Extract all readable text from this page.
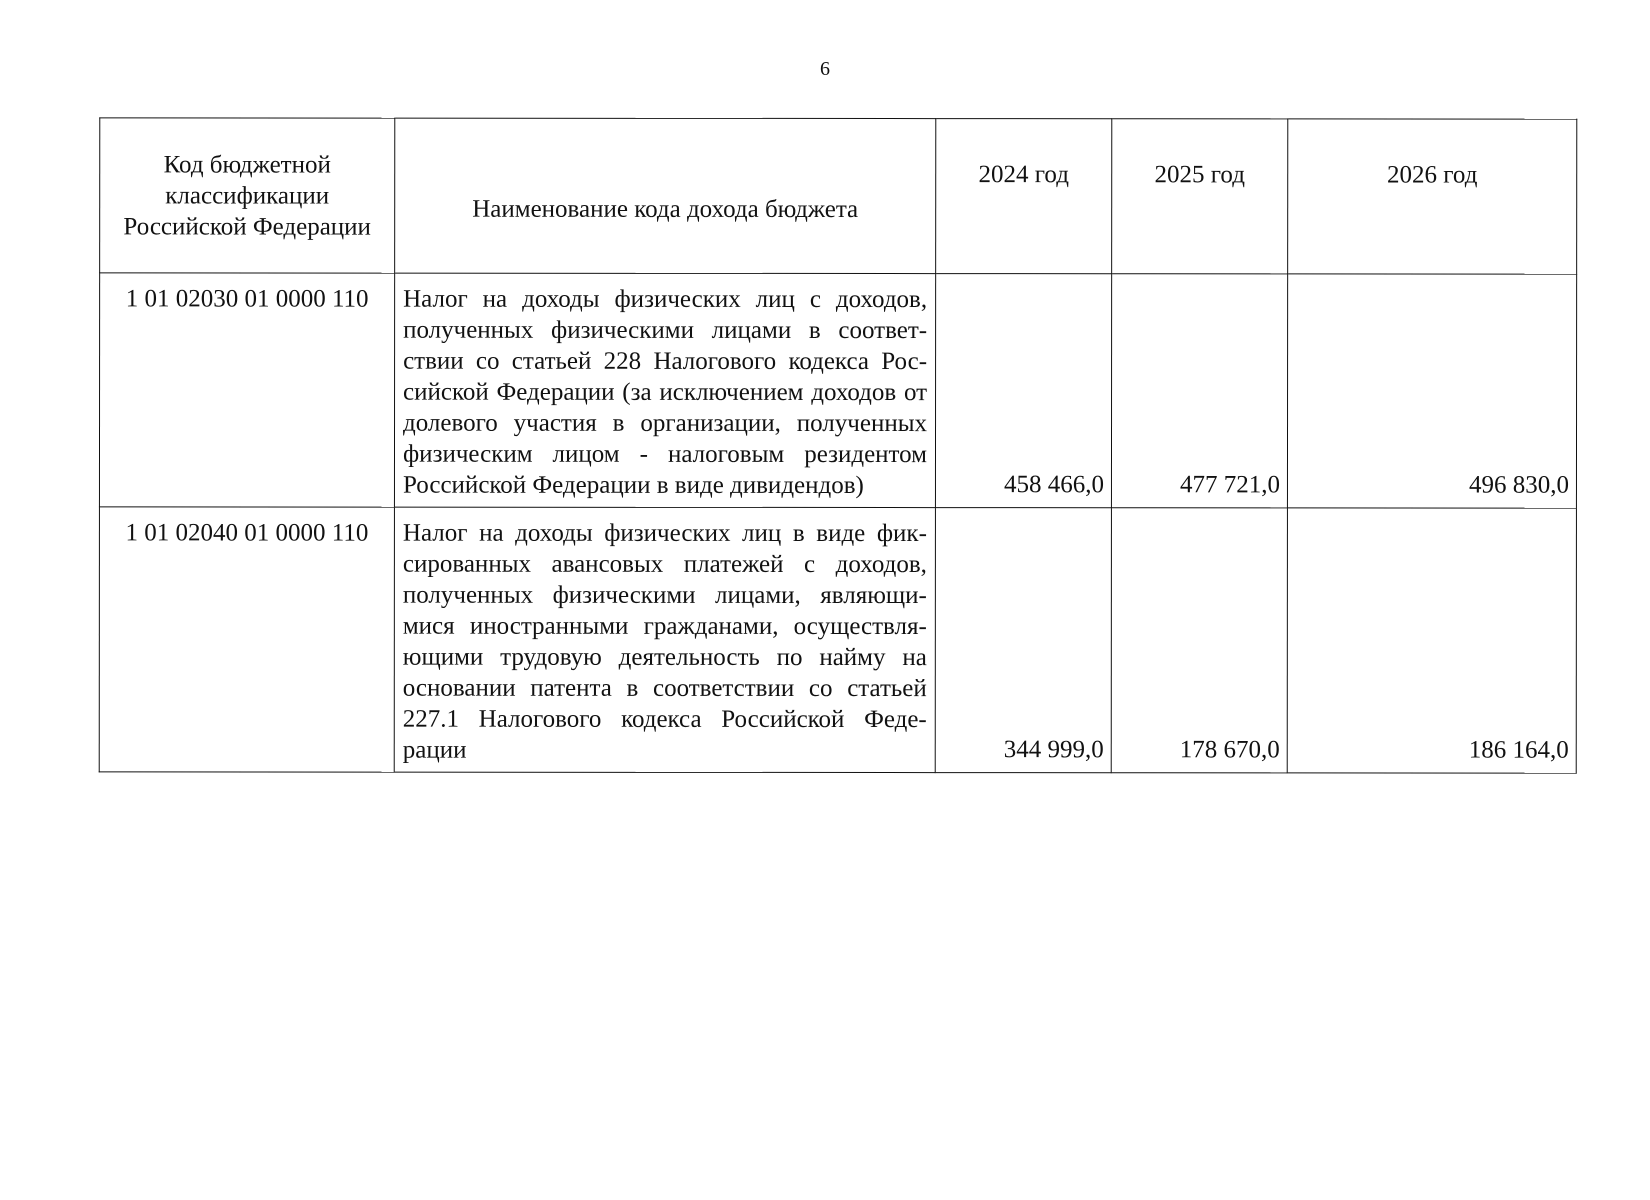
6
Код бюджетной классификации Российской Федерации	Наименование кода дохода бюджета	2024 год	2025 год	2026 год
1 01 02030 01 0000 110	Налог на доходы физических лиц с доходов, полученных физическими лицами в соответствии со статьей 228 Налогового кодекса Российской Федерации (за исключением доходов от долевого участия в организации, полученных физическим лицом - налоговым резидентом Российской Федерации в виде дивидендов)	458 466,0	477 721,0	496 830,0
1 01 02040 01 0000 110	Налог на доходы физических лиц в виде фиксированных авансовых платежей с доходов, полученных физическими лицами, являющимися иностранными гражданами, осуществляющими трудовую деятельность по найму на основании патента в соответствии со статьей 227.1 Налогового кодекса Российской Федерации	344 999,0	178 670,0	186 164,0
